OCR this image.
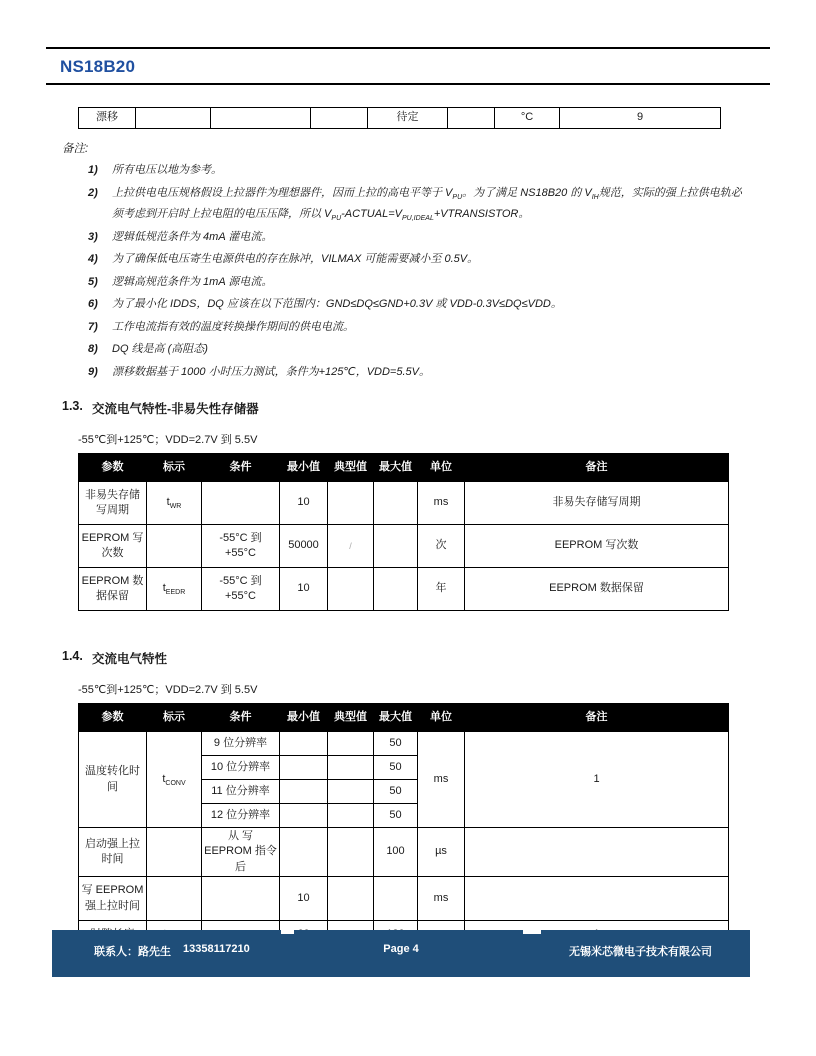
NS18B20
漂移				待定		°C	9
备注:
1)	所有电压以地为参考。
2)	上拉供电电压规格假设上拉器件为理想器件，因而上拉的高电平等于 $V_{PU}$。为了满足 NS18B20 的 $V_{IH}$规范，实际的强上拉供电轨必须考虑到开启时上拉电阻的电压压降，所以 $V_{PU}-ACTUAL=V_{PU,IDEAL}+VTRANSISTOR$。
3)	逻辑低规范条件为 4mA 灌电流。
4)	为了确保低电压寄生电源供电的存在脉冲，VILMAX 可能需要减小至 0.5V。
5)	逻辑高规范条件为 1mA 源电流。
6)	为了最小化 IDDS，DQ 应该在以下范围内：GND≤DQ≤GND+0.3V 或 VDD-0.3V≤DQ≤VDD。
7)	工作电流指有效的温度转换操作期间的供电电流。
8)	DQ 线是高 (高阻态)
9)	漂移数据基于 1000 小时压力测试，条件为+125℃，VDD=5.5V。
1.3. 交流电气特性-非易失性存储器
-55℃到+125℃；VDD=2.7V 到 5.5V
参数	标示	条件	最小值	典型值	最大值	单位	备注
非易失存储写周期	$t_{WR}$		10			ms	非易失存储写周期
EEPROM 写次数		-55°C 到 +55°C	50000	/		次	EEPROM 写次数
EEPROM 数据保留	$t_{EEDR}$	-55°C 到 +55°C	10			年	EEPROM 数据保留
1.4. 交流电气特性
-55℃到+125℃；VDD=2.7V 到 5.5V
参数	标示	条件	最小值	典型值	最大值	单位	备注
温度转化时间	$t_{CONV}$	9 位分辨率			50	ms	1
		10 位分辨率			50		
		11 位分辨率			50		
		12 位分辨率			50		
启动强上拉时间		从 写 EEPROM 指令后			100	µs	
写 EEPROM 强上拉时间			10			ms	

联系人：路先生 13358117210	Page 4	无锡米芯微电子技术有限公司
